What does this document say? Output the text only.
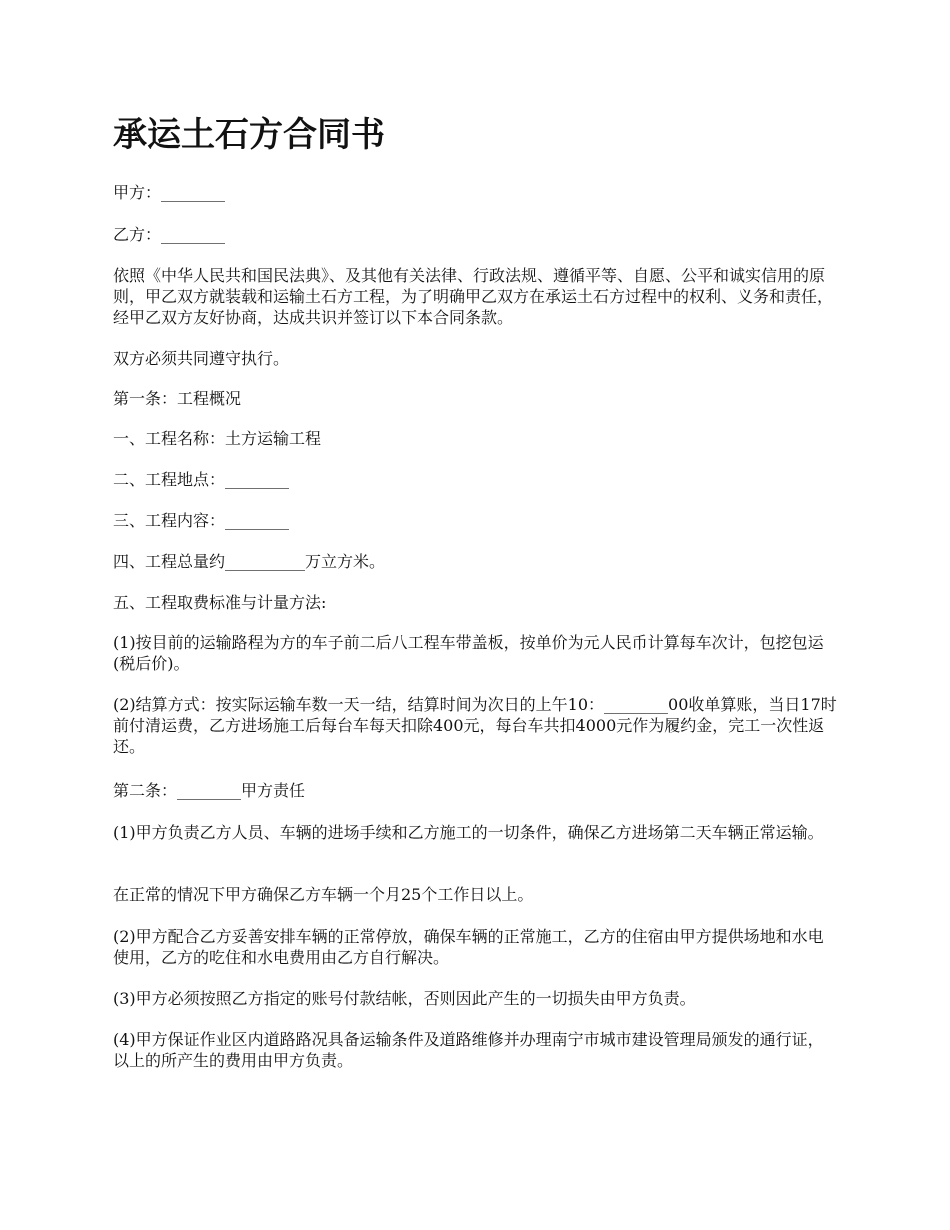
承运土石方合同书

甲方：________

乙方：________

依照《中华人民共和国民法典》、及其他有关法律、行政法规、遵循平等、自愿、公平和诚实信用的原则，甲乙双方就装载和运输土石方工程，为了明确甲乙双方在承运土石方过程中的权利、义务和责任，经甲乙双方友好协商，达成共识并签订以下本合同条款。

双方必须共同遵守执行。

第一条：工程概况

一、工程名称：土方运输工程

二、工程地点：________

三、工程内容：________

四、工程总量约__________万立方米。

五、工程取费标准与计量方法:

(1)按目前的运输路程为方的车子前二后八工程车带盖板，按单价为元人民币计算每车次计，包挖包运(税后价)。

(2)结算方式：按实际运输车数一天一结，结算时间为次日的上午10：________00收单算账，当日17时前付清运费，乙方进场施工后每台车每天扣除400元，每台车共扣4000元作为履约金，完工一次性返还。

第二条：________甲方责任

(1)甲方负责乙方人员、车辆的进场手续和乙方施工的一切条件，确保乙方进场第二天车辆正常运输。

在正常的情况下甲方确保乙方车辆一个月25个工作日以上。

(2)甲方配合乙方妥善安排车辆的正常停放，确保车辆的正常施工，乙方的住宿由甲方提供场地和水电使用，乙方的吃住和水电费用由乙方自行解决。

(3)甲方必须按照乙方指定的账号付款结帐，否则因此产生的一切损失由甲方负责。

(4)甲方保证作业区内道路路况具备运输条件及道路维修并办理南宁市城市建设管理局颁发的通行证，以上的所产生的费用由甲方负责。
